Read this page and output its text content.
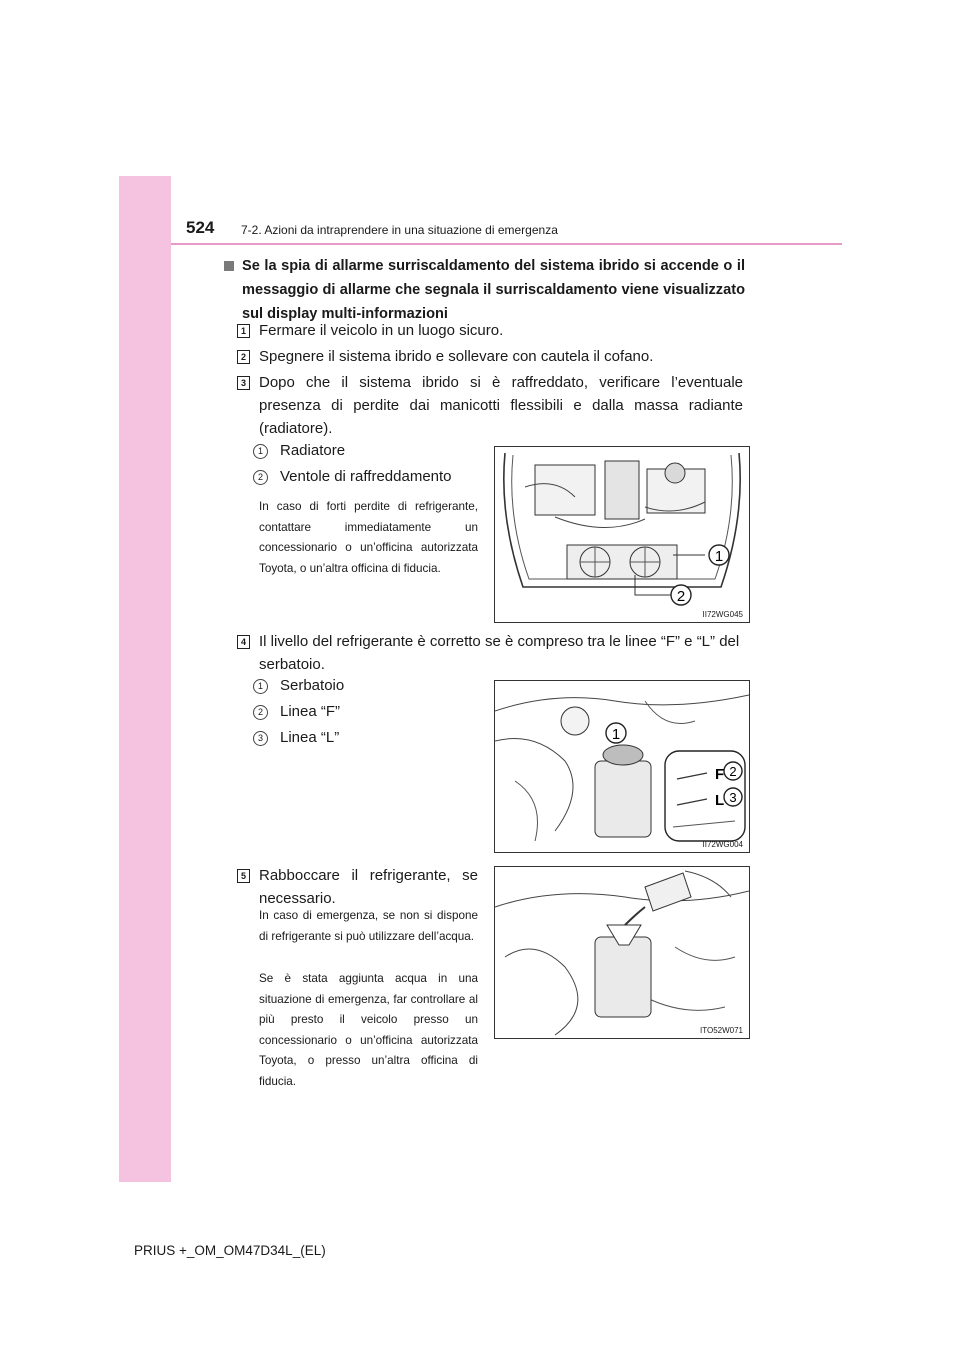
524 7-2. Azioni da intraprendere in una situazione di emergenza
Se la spia di allarme surriscaldamento del sistema ibrido si accende o il messaggio di allarme che segnala il surriscaldamento viene visualizzato sul display multi-informazioni
1 Fermare il veicolo in un luogo sicuro.
2 Spegnere il sistema ibrido e sollevare con cautela il cofano.
3 Dopo che il sistema ibrido si è raffreddato, verificare l’eventuale presenza di perdite dai manicotti flessibili e dalla massa radiante (radiatore).
1	Radiatore
2	Ventole di raffreddamento
In caso di forti perdite di refrigerante, contattare immediatamente un concessionario o un’officina autorizzata Toyota, o un’altra officina di fiducia.
1
2
II72WG045
4 Il livello del refrigerante è corretto se è compreso tra le linee “F” e “L” del serbatoio.
1	Serbatoio
2	Linea “F”
3	Linea “L”	1
F
L
2
3
II72WG004
5 Rabboccare il refrigerante, se necessario.
In caso di emergenza, se non si dispone di refrigerante si può utilizzare dell’acqua.
Se è stata aggiunta acqua in una situazione di emergenza, far controllare al più presto il veicolo presso un concessionario o un’officina autorizzata Toyota, o presso un’altra officina di fiducia.
ITO52W071
PRIUS +_OM_OM47D34L_(EL)
